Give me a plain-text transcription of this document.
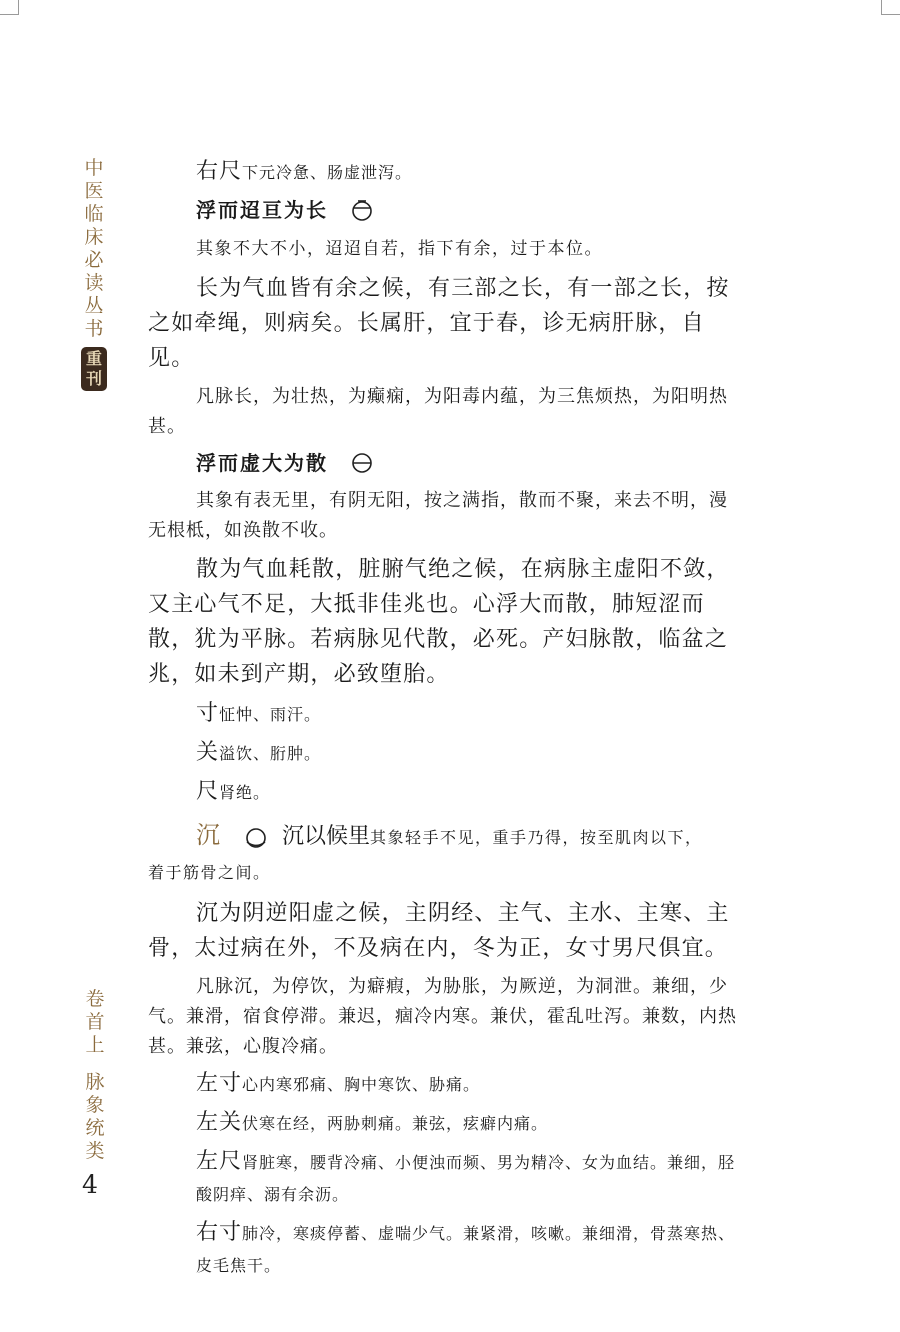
中
医
临
床
必
读
丛
书
重
刊
卷
首
上
脉
象
统
类
4
右尺下元冷惫、肠虚泄泻。
浮而迢亘为长

其象不大不小，迢迢自若，指下有余，过于本位。

长为气血皆有余之候，有三部之长，有一部之长，按之如牵绳，则病矣。长属肝，宜于春，诊无病肝脉，自见。

凡脉长，为壮热，为癫痫，为阳毒内蕴，为三焦烦热，为阳明热甚。

浮而虚大为散

其象有表无里，有阴无阳，按之满指，散而不聚，来去不明，漫无根柢，如涣散不收。

散为气血耗散，脏腑气绝之候，在病脉主虚阳不敛，又主心气不足，大抵非佳兆也。心浮大而散，肺短涩而散，犹为平脉。若病脉见代散，必死。产妇脉散，临盆之兆，如未到产期，必致堕胎。

寸怔忡、雨汗。
关溢饮、胻肿。
尺肾绝。
沉	沉以候里其象轻手不见，重手乃得，按至肌肉以下，
着于筋骨之间。

沉为阴逆阳虚之候，主阴经、主气、主水、主寒、主骨，太过病在外，不及病在内，冬为正，女寸男尺俱宜。

凡脉沉，为停饮，为癖瘕，为胁胀，为厥逆，为洞泄。兼细，少气。兼滑，宿食停滞。兼迟，痼冷内寒。兼伏，霍乱吐泻。兼数，内热甚。兼弦，心腹冷痛。

左寸心内寒邪痛、胸中寒饮、胁痛。
左关伏寒在经，两胁刺痛。兼弦，痃癖内痛。
左尺肾脏寒，腰背冷痛、小便浊而频、男为精冷、女为血结。兼细，胫酸阴痒、溺有余沥。
右寸肺冷，寒痰停蓄、虚喘少气。兼紧滑，咳嗽。兼细滑，骨蒸寒热、皮毛焦干。
